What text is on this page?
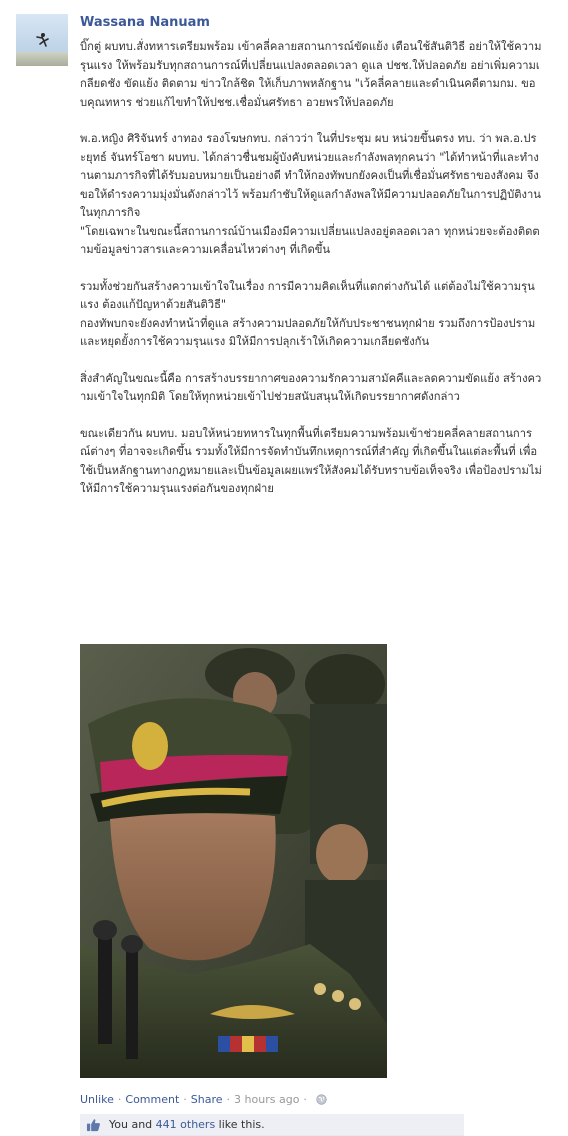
Wassana Nanuam

บิ๊กตู่ ผบทบ.สั่งทหารเตรียมพร้อม เข้าคลี่คลายสถานการณ์ขัดแย้ง เตือนใช้สันติวิธี อย่าให้ใช้ความรุนแรง ให้พร้อมรับทุกสถานการณ์ที่เปลี่ยนแปลงตลอดเวลา ดูแล ปชช.ให้ปลอดภัย อย่าเพิ่มความเกลียดชัง ขัดแย้ง ติดตาม ข่าวใกล้ชิด ให้เก็บภาพหลักฐาน "เว้คลี่คลายและดำเนินคดีตามกม. ขอบคุณทหาร ช่วยแก้ไขทำให้ปชช.เชื่อมั่นศรัทธา อวยพรให้ปลอดภัย

พ.อ.หญิง ศิริจันทร์ งาทอง รองโฆษกทบ. กล่าวว่า ในที่ประชุม ผบ หน่วยขึ้นตรง ทบ. ว่า พล.อ.ประยุทธ์ จันทร์โอชา ผบทบ. ได้กล่าวชื่นชมผู้บังคับหน่วยและกำลังพลทุกคนว่า "ได้ทำหน้าที่และทำงานตามภารกิจที่ได้รับมอบหมายเป็นอย่างดี ทำให้กองทัพบกยังคงเป็นที่เชื่อมั่นศรัทธาของสังคม จึงขอให้ดำรงความมุ่งมั่นดังกล่าวไว้ พร้อมกำชับให้ดูแลกำลังพลให้มีความปลอดภัยในการปฏิบัติงานในทุกภารกิจ
"โดยเฉพาะในขณะนี้สถานการณ์บ้านเมืองมีความเปลี่ยนแปลงอยู่ตลอดเวลา ทุกหน่วยจะต้องติดตามข้อมูลข่าวสารและความเคลื่อนไหวต่างๆ ที่เกิดขึ้น

รวมทั้งช่วยกันสร้างความเข้าใจในเรื่อง การมีความคิดเห็นที่แตกต่างกันได้ แต่ต้องไม่ใช้ความรุนแรง ต้องแก้ปัญหาด้วยสันติวิธี"
กองทัพบกจะยังคงทำหน้าที่ดูแล สร้างความปลอดภัยให้กับประชาชนทุกฝ่าย รวมถึงการป้องปรามและหยุดยั้งการใช้ความรุนแรง มิให้มีการปลุกเร้าให้เกิดความเกลียดชังกัน

สิ่งสำคัญในขณะนี้คือ การสร้างบรรยากาศของความรักความสามัคคีและลดความขัดแย้ง สร้างความเข้าใจในทุกมิติ โดยให้ทุกหน่วยเข้าไปช่วยสนับสนุนให้เกิดบรรยากาศดังกล่าว

ขณะเดียวกัน ผบทบ. มอบให้หน่วยทหารในทุกพื้นที่เตรียมความพร้อมเข้าช่วยคลี่คลายสถานการณ์ต่างๆ ที่อาจจะเกิดขึ้น รวมทั้งให้มีการจัดทำบันทึกเหตุการณ์ที่สำคัญ ที่เกิดขึ้นในแต่ละพื้นที่ เพื่อใช้เป็นหลักฐานทางกฎหมายและเป็นข้อมูลเผยแพร่ให้สังคมได้รับทราบข้อเท็จจริง เพื่อป้องปรามไม่ให้มีการใช้ความรุนแรงต่อกันของทุกฝ่าย

Unlike · Comment · Share · 3 hours ago ·
You and 441 others like this.
